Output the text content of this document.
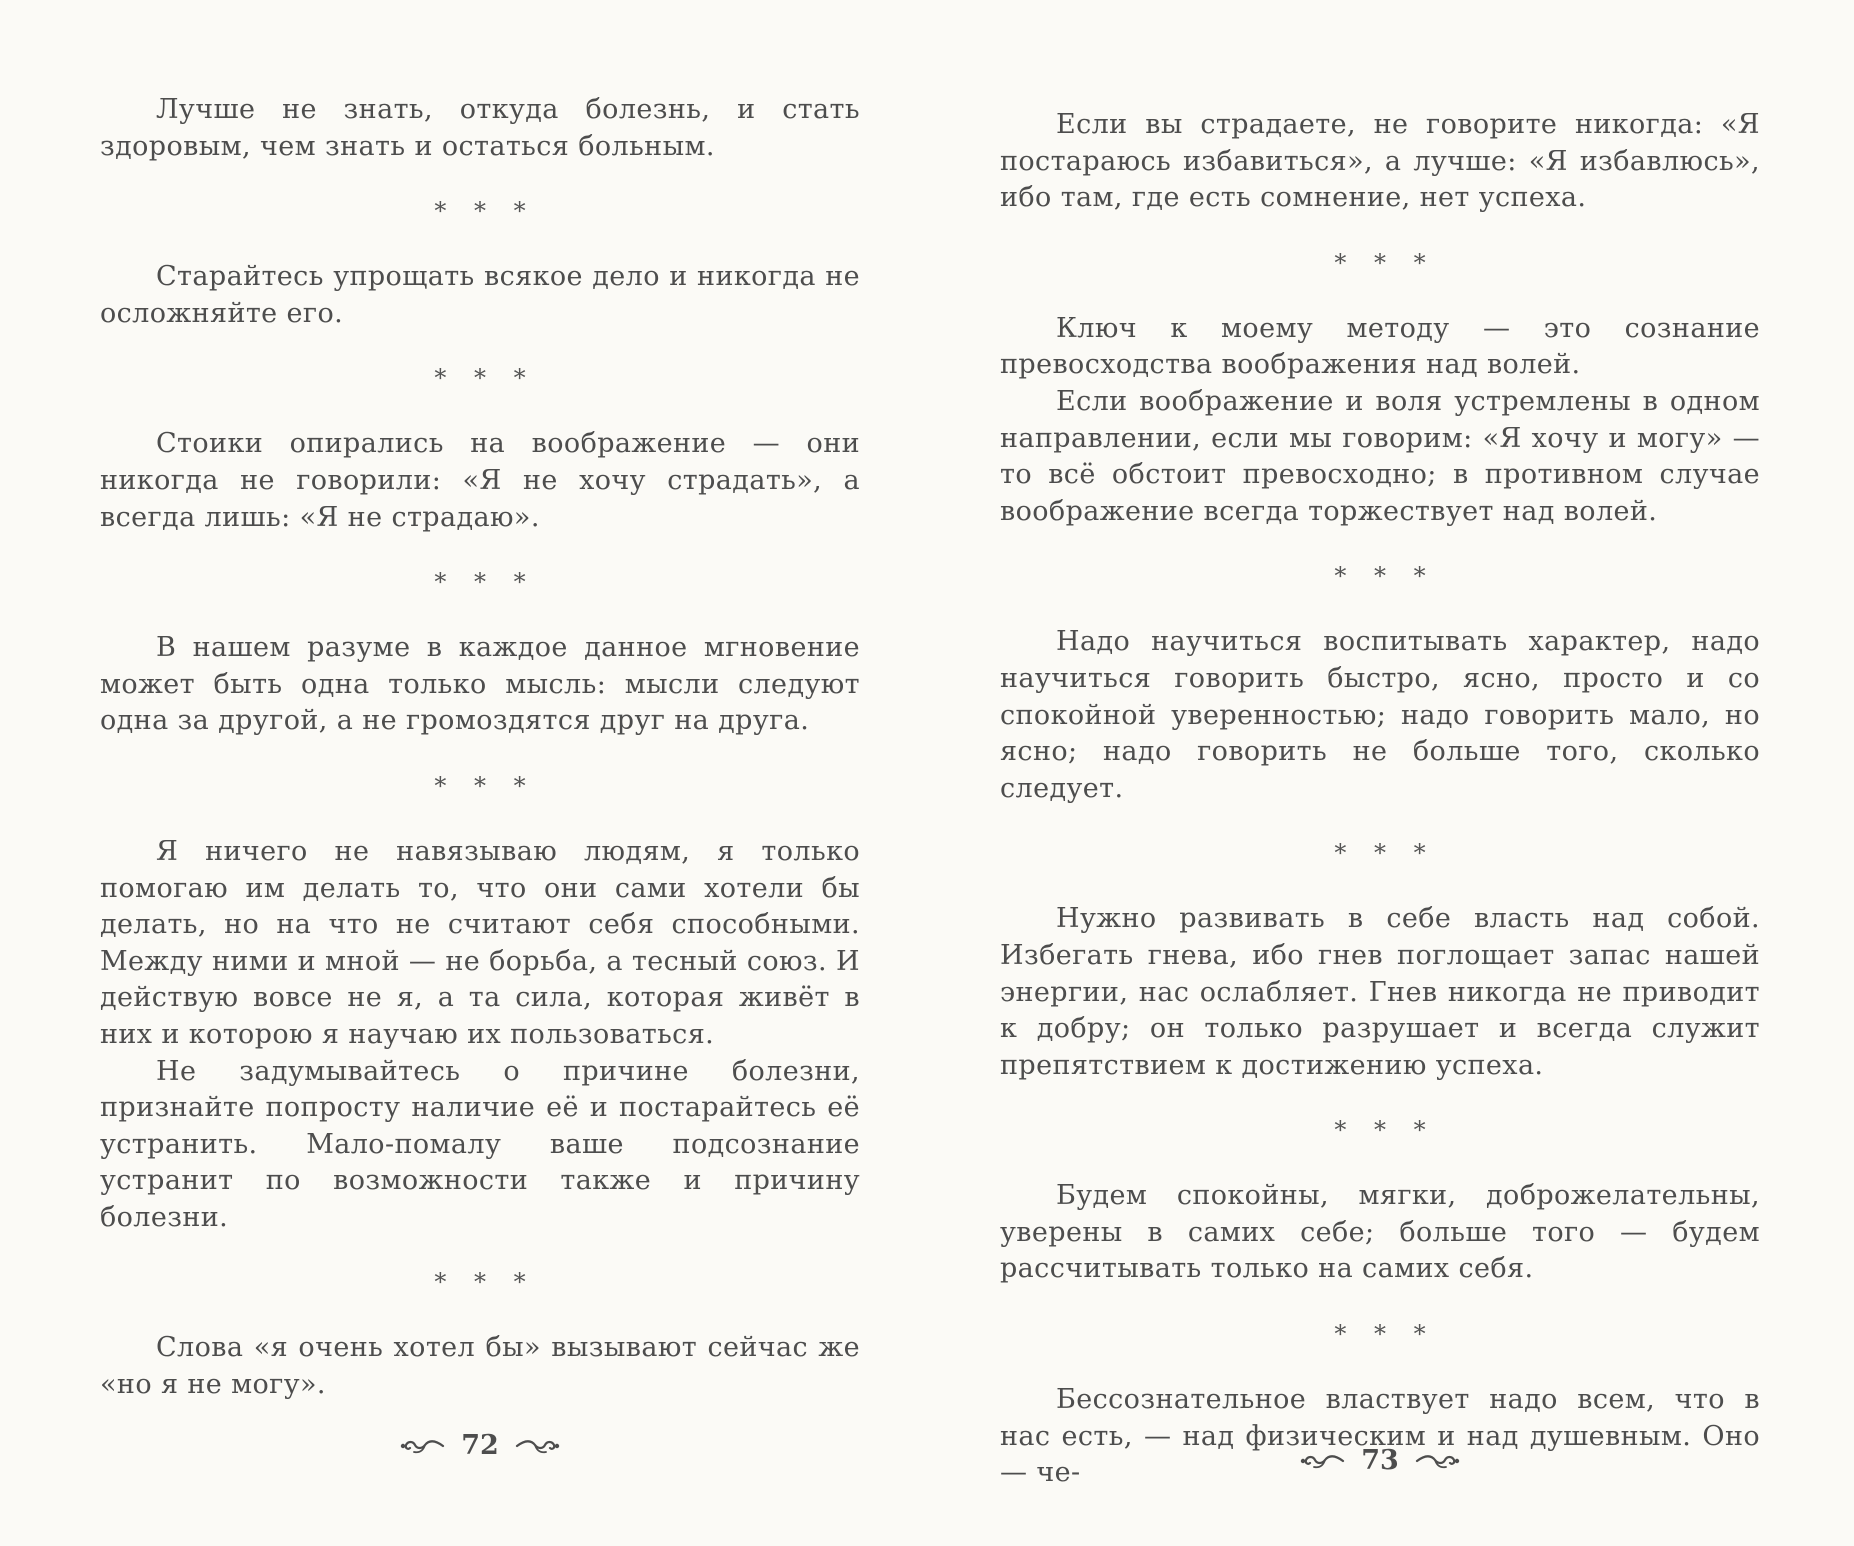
Лучше не знать, откуда болезнь, и стать здоровым, чем знать и остаться больным.

* * *

Старайтесь упрощать всякое дело и никогда не осложняйте его.

* * *

Стоики опирались на воображение — они никогда не говорили: «Я не хочу страдать», а всегда лишь: «Я не страдаю».

* * *

В нашем разуме в каждое данное мгновение может быть одна только мысль: мысли следуют одна за другой, а не громоздятся друг на друга.

* * *

Я ничего не навязываю людям, я только помогаю им делать то, что они сами хотели бы делать, но на что не считают себя способными. Между ними и мной — не борьба, а тесный союз. И действую вовсе не я, а та сила, которая живёт в них и которою я научаю их пользоваться.

Не задумывайтесь о причине болезни, признайте попросту наличие её и постарайтесь её устранить. Мало-помалу ваше подсознание устранит по возможности также и причину болезни.

* * *

Слова «я очень хотел бы» вызывают сейчас же «но я не могу».

72

Если вы страдаете, не говорите никогда: «Я постараюсь избавиться», а лучше: «Я избавлюсь», ибо там, где есть сомнение, нет успеха.

* * *

Ключ к моему методу — это сознание превосходства воображения над волей.

Если воображение и воля устремлены в одном направлении, если мы говорим: «Я хочу и могу» — то всё обстоит превосходно; в противном случае воображение всегда торжествует над волей.

* * *

Надо научиться воспитывать характер, надо научиться говорить быстро, ясно, просто и со спокойной уверенностью; надо говорить мало, но ясно; надо говорить не больше того, сколько следует.

* * *

Нужно развивать в себе власть над собой. Избегать гнева, ибо гнев поглощает запас нашей энергии, нас ослабляет. Гнев никогда не приводит к добру; он только разрушает и всегда служит препятствием к достижению успеха.

* * *

Будем спокойны, мягки, доброжелательны, уверены в самих себе; больше того — будем рассчитывать только на самих себя.

* * *

Бессознательное властвует надо всем, что в нас есть, — над физическим и над душевным. Оно — че-	73
